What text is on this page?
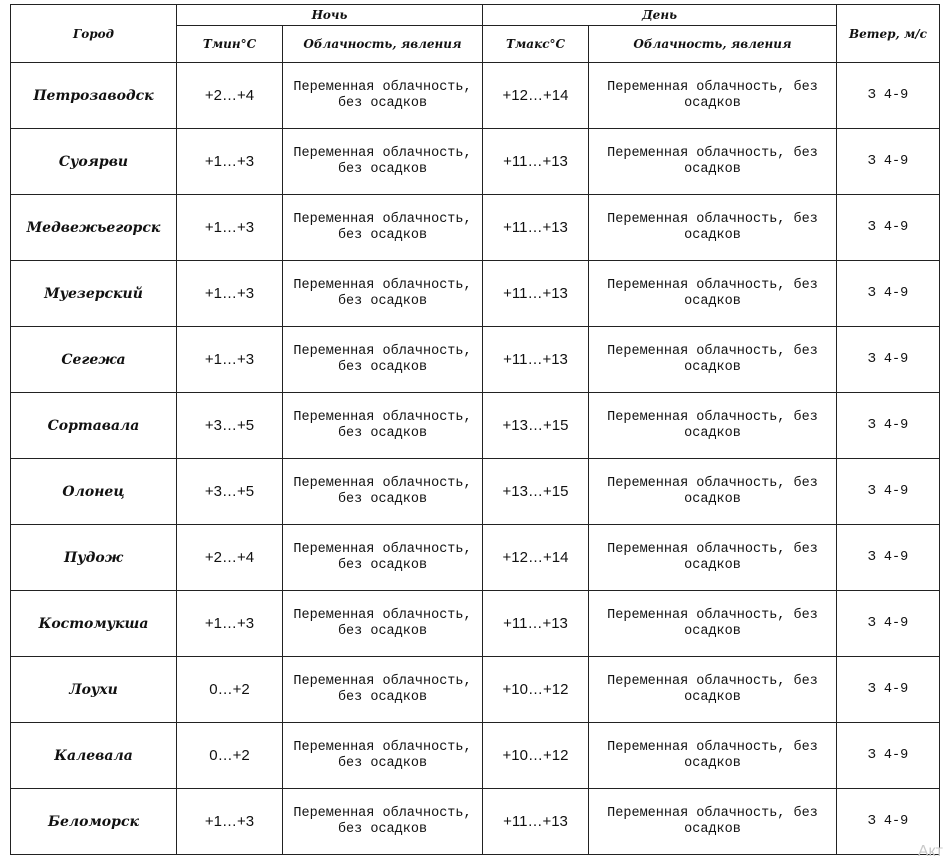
Город	Ночь		День		Ветер, м/с
	Тмин°С	Облачность, явления	Тмакс°С	Облачность, явления	
Петрозаводск	+2…+4	Переменная облачность, без осадков	+12…+14	Переменная облачность, без осадков	З 4-9
Суоярви	+1…+3	Переменная облачность, без осадков	+11…+13	Переменная облачность, без осадков	З 4-9
Медвежьегорск	+1…+3	Переменная облачность, без осадков	+11…+13	Переменная облачность, без осадков	З 4-9
Муезерский	+1…+3	Переменная облачность, без осадков	+11…+13	Переменная облачность, без осадков	З 4-9
Сегежа	+1…+3	Переменная облачность, без осадков	+11…+13	Переменная облачность, без осадков	З 4-9
Сортавала	+3…+5	Переменная облачность, без осадков	+13…+15	Переменная облачность, без осадков	З 4-9
Олонец	+3…+5	Переменная облачность, без осадков	+13…+15	Переменная облачность, без осадков	З 4-9
Пудож	+2…+4	Переменная облачность, без осадков	+12…+14	Переменная облачность, без осадков	З 4-9
Костомукша	+1…+3	Переменная облачность, без осадков	+11…+13	Переменная облачность, без осадков	З 4-9
Лоухи	0…+2	Переменная облачность, без осадков	+10…+12	Переменная облачность, без осадков	З 4-9
Калевала	0…+2	Переменная облачность, без осадков	+10…+12	Переменная облачность, без осадков	З 4-9
Беломорск	+1…+3	Переменная облачность, без осадков	+11…+13	Переменная облачность, без осадков	З 4-9
Акт
